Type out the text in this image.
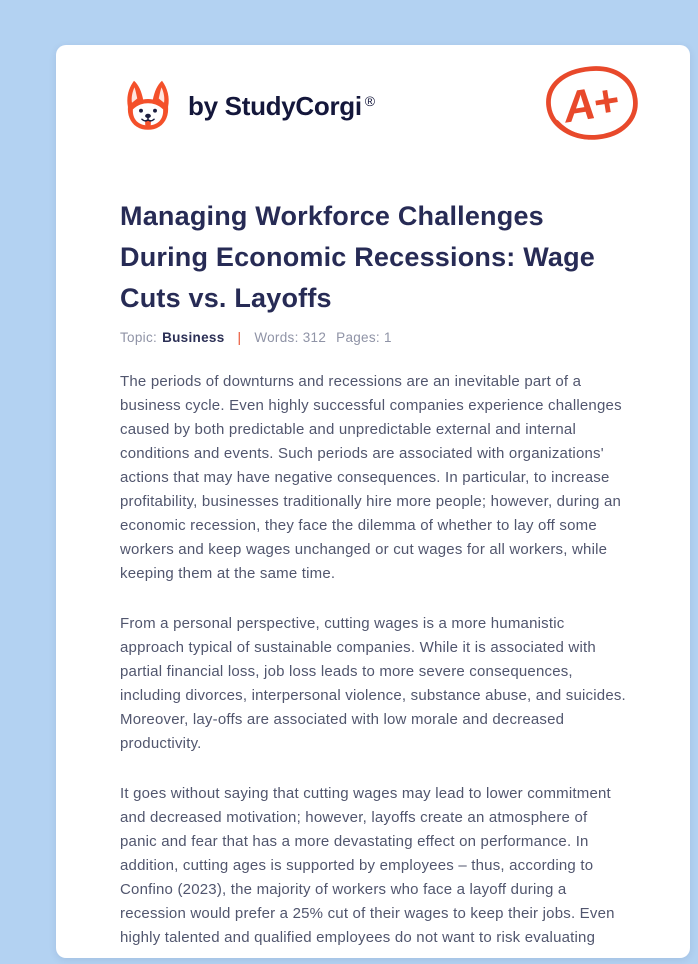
by StudyCorgi ®	A+
Managing Workforce Challenges During Economic Recessions: Wage Cuts vs. Layoffs
Topic: Business | Words: 312 Pages: 1

The periods of downturns and recessions are an inevitable part of a business cycle. Even highly successful companies experience challenges caused by both predictable and unpredictable external and internal conditions and events. Such periods are associated with organizations' actions that may have negative consequences. In particular, to increase profitability, businesses traditionally hire more people; however, during an economic recession, they face the dilemma of whether to lay off some workers and keep wages unchanged or cut wages for all workers, while keeping them at the same time.

From a personal perspective, cutting wages is a more humanistic approach typical of sustainable companies. While it is associated with partial financial loss, job loss leads to more severe consequences, including divorces, interpersonal violence, substance abuse, and suicides. Moreover, lay-offs are associated with low morale and decreased productivity.

It goes without saying that cutting wages may lead to lower commitment and decreased motivation; however, layoffs create an atmosphere of panic and fear that has a more devastating effect on performance. In addition, cutting ages is supported by employees – thus, according to Confino (2023), the majority of workers who face a layoff during a recession would prefer a 25% cut of their wages to keep their jobs. Even highly talented and qualified employees do not want to risk evaluating
